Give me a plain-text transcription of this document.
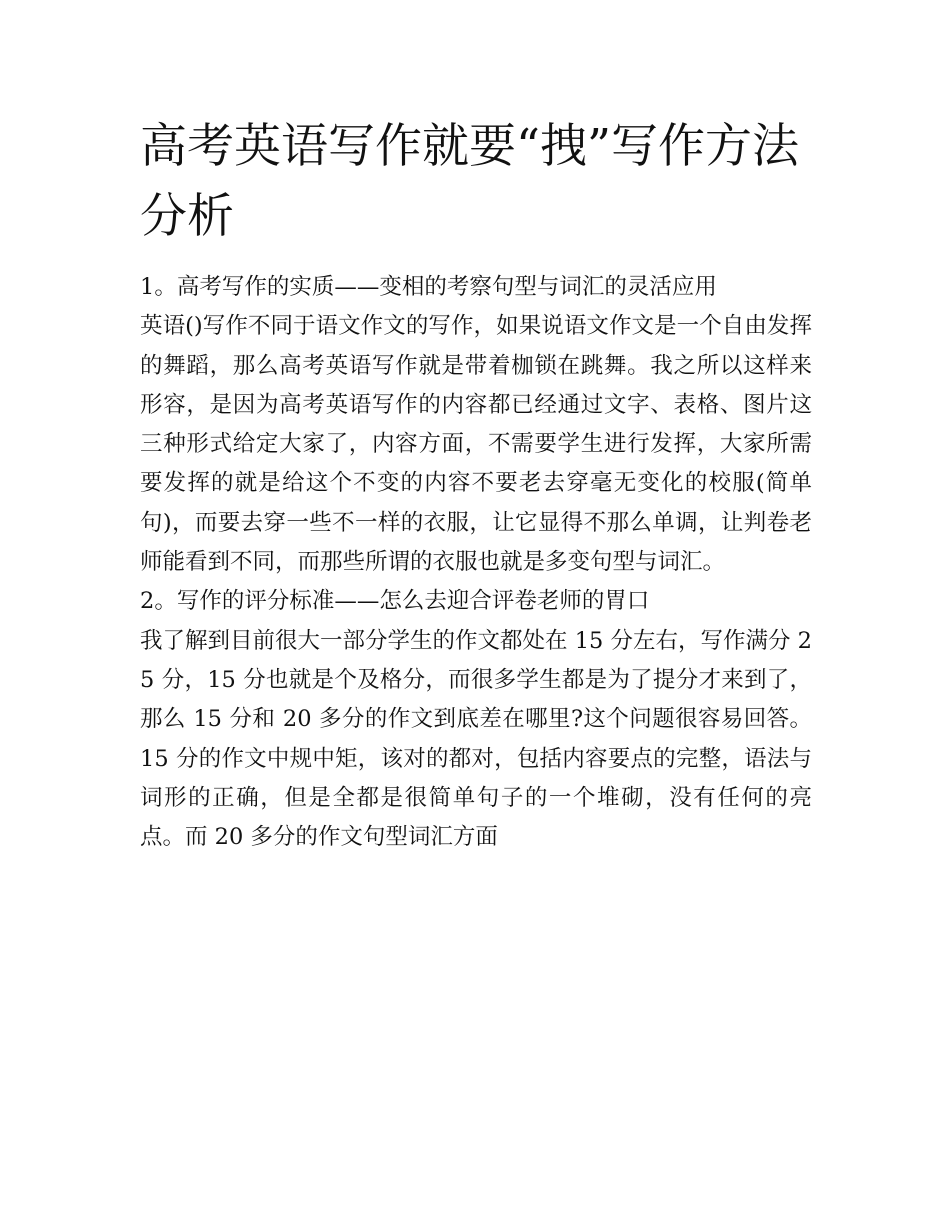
高考英语写作就要“拽”写作方法分析

1。高考写作的实质——变相的考察句型与词汇的灵活应用

英语()写作不同于语文作文的写作，如果说语文作文是一个自由发挥的舞蹈，那么高考英语写作就是带着枷锁在跳舞。我之所以这样来形容，是因为高考英语写作的内容都已经通过文字、表格、图片这三种形式给定大家了，内容方面，不需要学生进行发挥，大家所需要发挥的就是给这个不变的内容不要老去穿毫无变化的校服(简单句)，而要去穿一些不一样的衣服，让它显得不那么单调，让判卷老师能看到不同，而那些所谓的衣服也就是多变句型与词汇。

2。写作的评分标准——怎么去迎合评卷老师的胃口

我了解到目前很大一部分学生的作文都处在 15 分左右，写作满分 25 分，15 分也就是个及格分，而很多学生都是为了提分才来到了，那么 15 分和 20 多分的作文到底差在哪里?这个问题很容易回答。15 分的作文中规中矩，该对的都对，包括内容要点的完整，语法与词形的正确，但是全都是很简单句子的一个堆砌，没有任何的亮点。而 20 多分的作文句型词汇方面
